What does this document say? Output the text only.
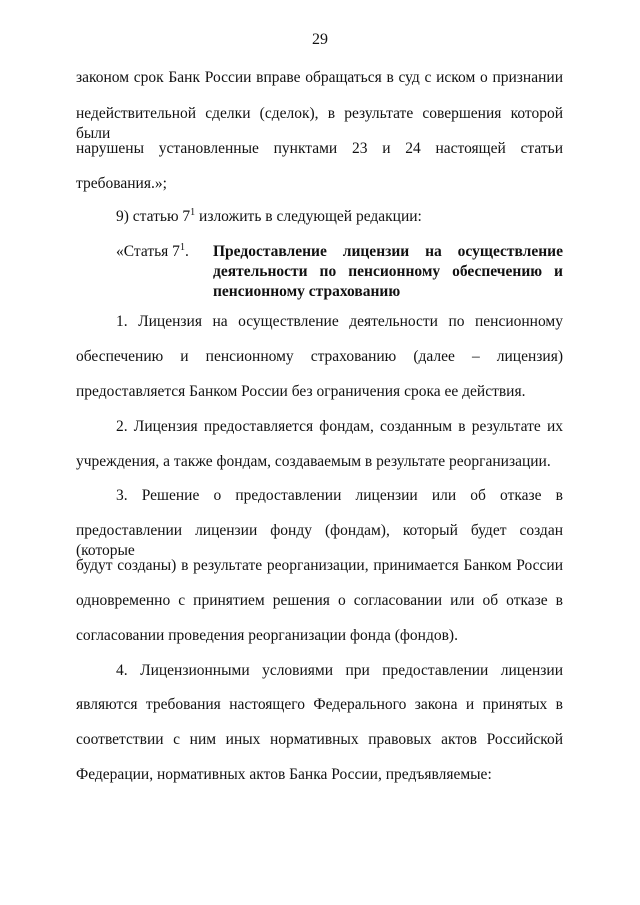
29
законом срок Банк России вправе обращаться в суд с иском о признании
недействительной сделки (сделок), в результате совершения которой были
нарушены установленные пунктами 23 и 24 настоящей статьи
требования.»;
9) статью $7^1$ изложить в следующей редакции:
«Статья $7^1$. Предоставление лицензии на осуществление
деятельности по пенсионному обеспечению и
пенсионному страхованию
1. Лицензия на осуществление деятельности по пенсионному
обеспечению и пенсионному страхованию (далее – лицензия)
предоставляется Банком России без ограничения срока ее действия.
2. Лицензия предоставляется фондам, созданным в результате их
учреждения, а также фондам, создаваемым в результате реорганизации.
3. Решение о предоставлении лицензии или об отказе в
предоставлении лицензии фонду (фондам), который будет создан (которые
будут созданы) в результате реорганизации, принимается Банком России
одновременно с принятием решения о согласовании или об отказе в
согласовании проведения реорганизации фонда (фондов).
4. Лицензионными условиями при предоставлении лицензии
являются требования настоящего Федерального закона и принятых в
соответствии с ним иных нормативных правовых актов Российской
Федерации, нормативных актов Банка России, предъявляемые:
